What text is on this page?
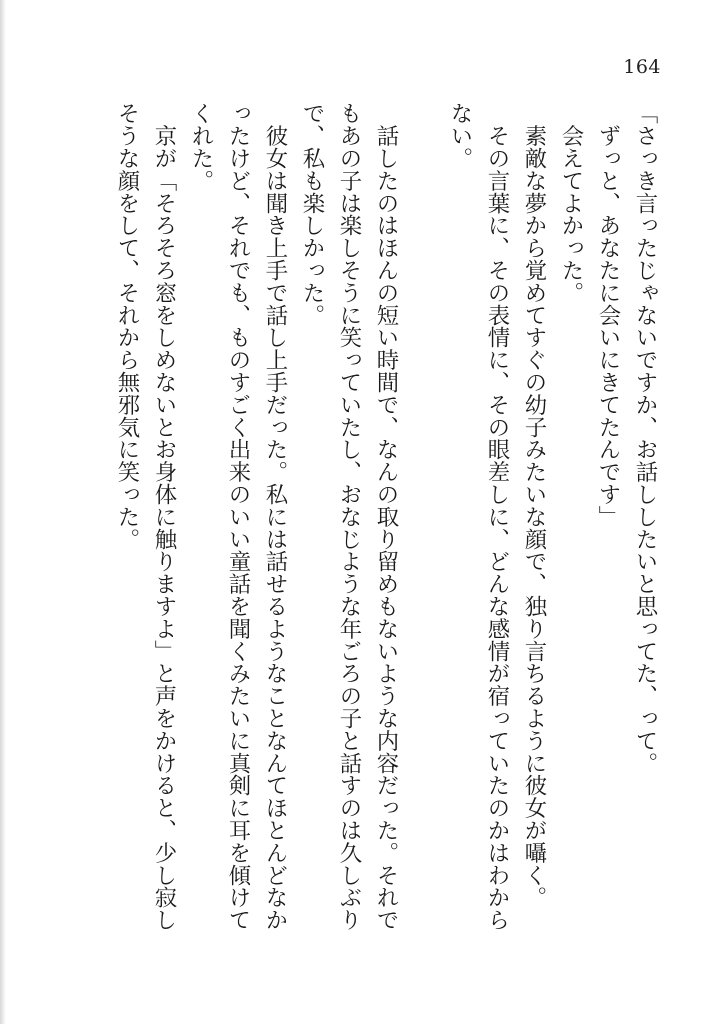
164

「さっき言ったじゃないですか、お話ししたいと思ってた、って。

　ずっと、あなたに会いにきてたんです」

　会えてよかった。

　素敵な夢から覚めてすぐの幼子みたいな顔で、独り言ちるように彼女が囁く。

　その言葉に、その表情に、その眼差しに、どんな感情が宿っていたのかはわから

ない。

　話したのはほんの短い時間で、なんの取り留めもないような内容だった。それで

もあの子は楽しそうに笑っていたし、おなじような年ごろの子と話すのは久しぶり

で、私も楽しかった。

　彼女は聞き上手で話し上手だった。私には話せるようなことなんてほとんどなか

ったけど、それでも、ものすごく出来のいい童話を聞くみたいに真剣に耳を傾けて

くれた。

　京が「そろそろ窓をしめないとお身体に触りますよ」と声をかけると、少し寂し

そうな顔をして、それから無邪気に笑った。
